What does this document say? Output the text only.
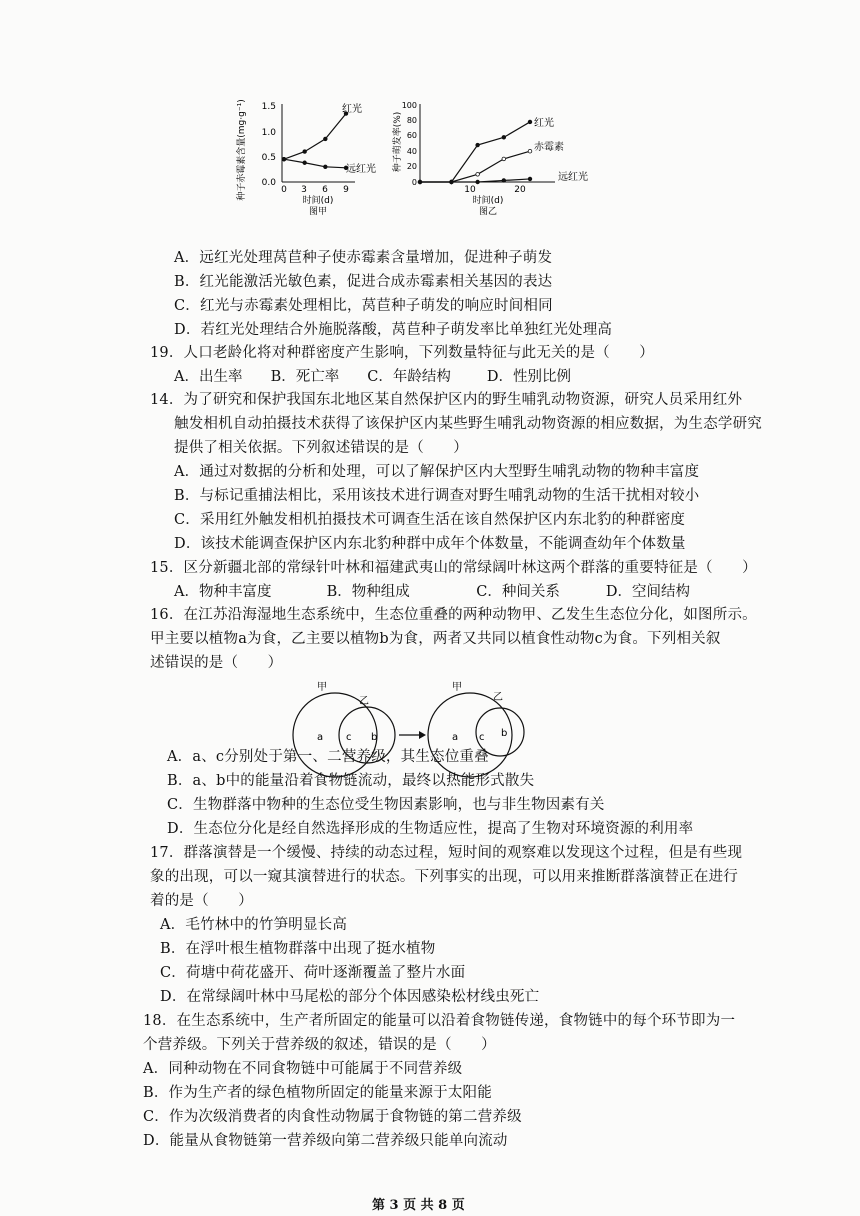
种子赤霉素含量(mg·g⁻¹) 1.5
1.0
0.5
0.0
0 3 6 9
时间(d)
图甲
红光
远红光 种子萌发率(%)
100
80
60
40
20
0
10	20
时间(d)
图乙
红光
赤霉素
远红光
A．远红光处理莴苣种子使赤霉素含量增加，促进种子萌发
B．红光能激活光敏色素，促进合成赤霉素相关基因的表达
C．红光与赤霉素处理相比，莴苣种子萌发的响应时间相同
D．若红光处理结合外施脱落酸，莴苣种子萌发率比单独红光处理高
19．人口老龄化将对种群密度产生影响，下列数量特征与此无关的是（　　）
A．出生率 B．死亡率 C．年龄结构 D．性别比例
14．为了研究和保护我国东北地区某自然保护区内的野生哺乳动物资源，研究人员采用红外
触发相机自动拍摄技术获得了该保护区内某些野生哺乳动物资源的相应数据，为生态学研究
提供了相关依据。下列叙述错误的是（　　）
A．通过对数据的分析和处理，可以了解保护区内大型野生哺乳动物的物种丰富度
B．与标记重捕法相比，采用该技术进行调查对野生哺乳动物的生活干扰相对较小
C．采用红外触发相机拍摄技术可调查生活在该自然保护区内东北豹的种群密度
D．该技术能调查保护区内东北豹种群中成年个体数量，不能调查幼年个体数量
15．区分新疆北部的常绿针叶林和福建武夷山的常绿阔叶林这两个群落的重要特征是（　　）
A．物种丰富度	B．物种组成	C．种间关系	D．空间结构
16．在江苏沿海湿地生态系统中，生态位重叠的两种动物甲、乙发生生态位分化，如图所示。
甲主要以植物a为食，乙主要以植物b为食，两者又共同以植食性动物c为食。下列相关叙
述错误的是（　　）
甲
乙
a c b
甲
乙
a c b
A．a、c分别处于第一、二营养级，其生态位重叠
B．a、b中的能量沿着食物链流动，最终以热能形式散失
C．生物群落中物种的生态位受生物因素影响，也与非生物因素有关
D．生态位分化是经自然选择形成的生物适应性，提高了生物对环境资源的利用率
17．群落演替是一个缓慢、持续的动态过程，短时间的观察难以发现这个过程，但是有些现
象的出现，可以一窥其演替进行的状态。下列事实的出现，可以用来推断群落演替正在进行
着的是（　　）
A．毛竹林中的竹笋明显长高
B．在浮叶根生植物群落中出现了挺水植物
C．荷塘中荷花盛开、荷叶逐渐覆盖了整片水面
D．在常绿阔叶林中马尾松的部分个体因感染松材线虫死亡
18．在生态系统中，生产者所固定的能量可以沿着食物链传递，食物链中的每个环节即为一
个营养级。下列关于营养级的叙述，错误的是（　　）
A．同种动物在不同食物链中可能属于不同营养级
B．作为生产者的绿色植物所固定的能量来源于太阳能
C．作为次级消费者的肉食性动物属于食物链的第二营养级
D．能量从食物链第一营养级向第二营养级只能单向流动
第 3 页 共 8 页
